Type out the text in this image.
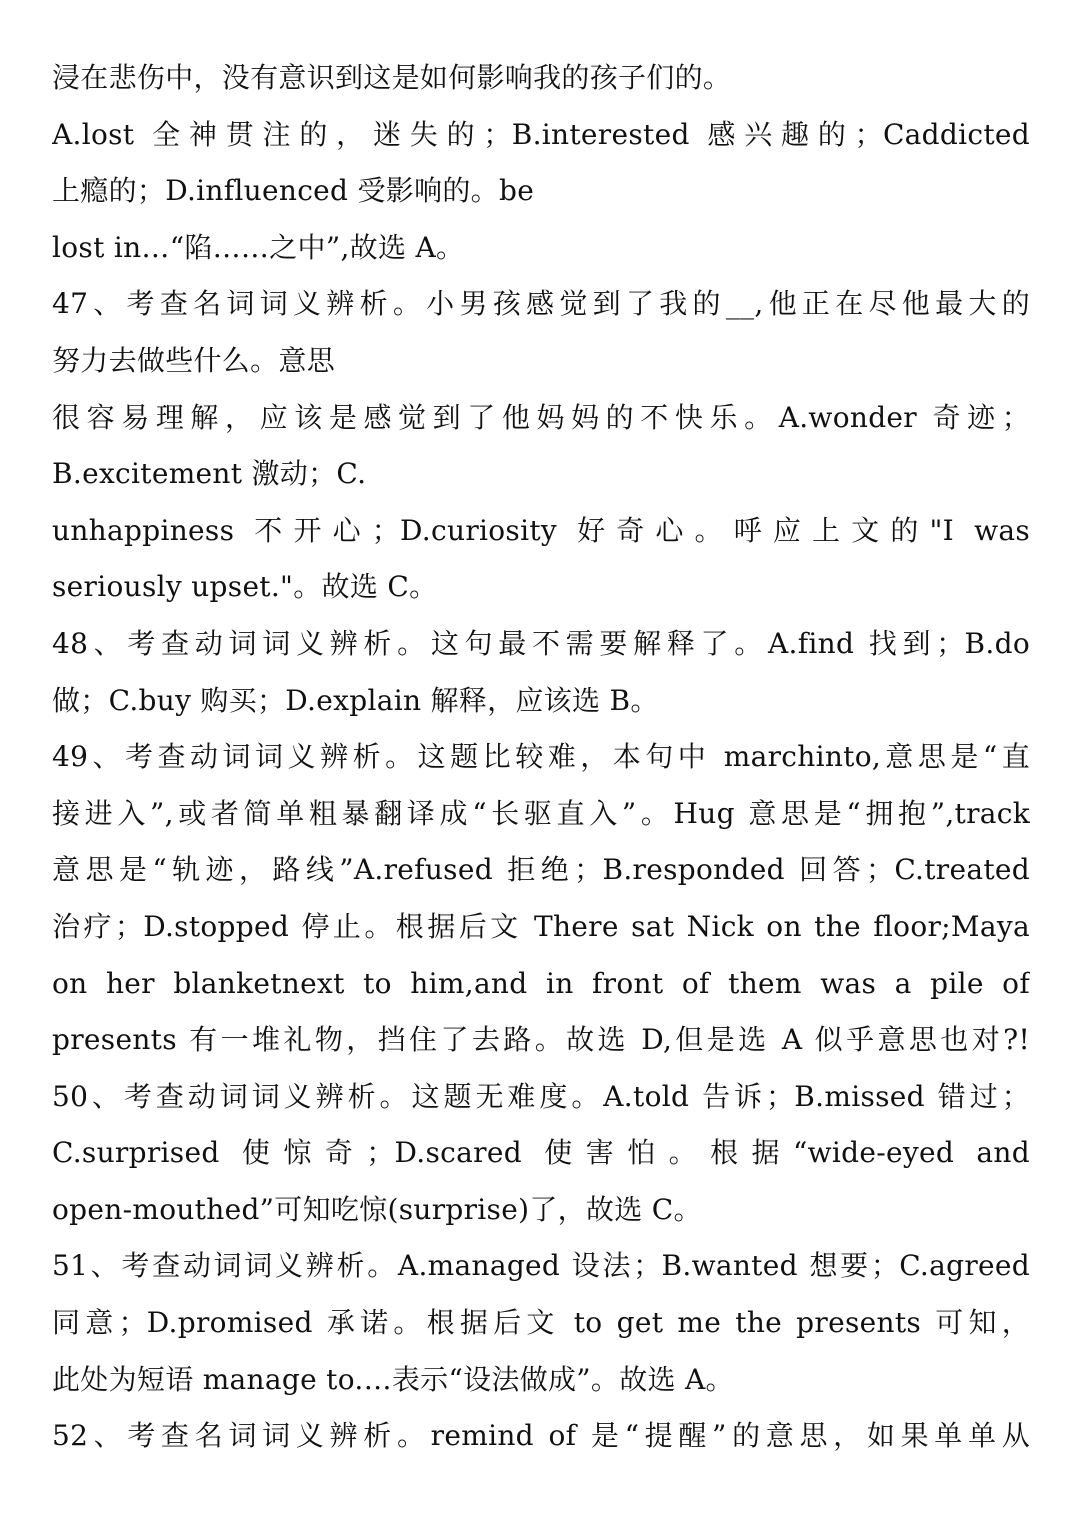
浸在悲伤中，没有意识到这是如何影响我的孩子们的。
A.lost 全神贯注的，迷失的；B.interested 感兴趣的；Caddicted
上瘾的；D.influenced 受影响的。be
lost in…“陷……之中”,故选 A。
47、考查名词词义辨析。小男孩感觉到了我的__,他正在尽他最大的
努力去做些什么。意思
很容易理解，应该是感觉到了他妈妈的不快乐。A.wonder 奇迹；
B.excitement 激动；C.
unhappiness 不开心；D.curiosity 好奇心。呼应上文的"I was
seriously upset."。故选 C。
48、考查动词词义辨析。这句最不需要解释了。A.find 找到；B.do
做；C.buy 购买；D.explain 解释，应该选 B。
49、考查动词词义辨析。这题比较难，本句中 marchinto,意思是“直
接进入”,或者简单粗暴翻译成“长驱直入”。Hug 意思是“拥抱”,track
意思是“轨迹，路线”A.refused 拒绝；B.responded 回答；C.treated
治疗；D.stopped 停止。根据后文 There sat Nick on the floor;Maya
on her blanketnext to him,and in front of them was a pile of
presents 有一堆礼物，挡住了去路。故选 D,但是选 A 似乎意思也对?!
50、考查动词词义辨析。这题无难度。A.told 告诉；B.missed 错过；
C.surprised 使惊奇；D.scared 使害怕。根据“wide-eyed and
open-mouthed”可知吃惊(surprise)了，故选 C。
51、考查动词词义辨析。A.managed 设法；B.wanted 想要；C.agreed
同意；D.promised 承诺。根据后文 to get me the presents 可知，
此处为短语 manage to.…表示“设法做成”。故选 A。
52、考查名词词义辨析。remind of 是“提醒”的意思，如果单单从
